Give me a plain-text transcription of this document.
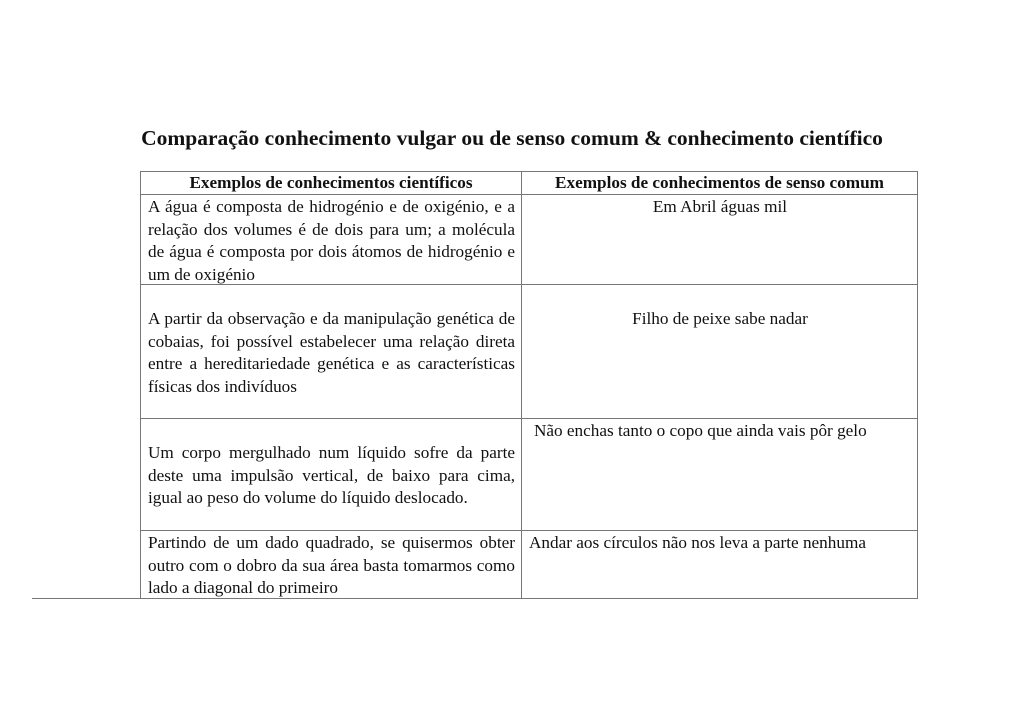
Comparação conhecimento vulgar ou de senso comum & conhecimento científico
Exemplos de conhecimentos científicos	Exemplos de conhecimentos de senso comum
A água é composta de hidrogénio e de oxigénio, e a relação dos volumes é de dois para um; a molécula de água é composta por dois átomos de hidrogénio e um de oxigénio
Em Abril águas mil
A partir da observação e da manipulação genética de cobaias, foi possível estabelecer uma relação direta entre a hereditariedade genética e as características físicas dos indivíduos
Filho de peixe sabe nadar
Um corpo mergulhado num líquido sofre da parte deste uma impulsão vertical, de baixo para cima, igual ao peso do volume do líquido deslocado.
Não enchas tanto o copo que ainda vais pôr gelo
Partindo de um dado quadrado, se quisermos obter outro com o dobro da sua área basta tomarmos como lado a diagonal do primeiro
Andar aos círculos não nos leva a parte nenhuma
